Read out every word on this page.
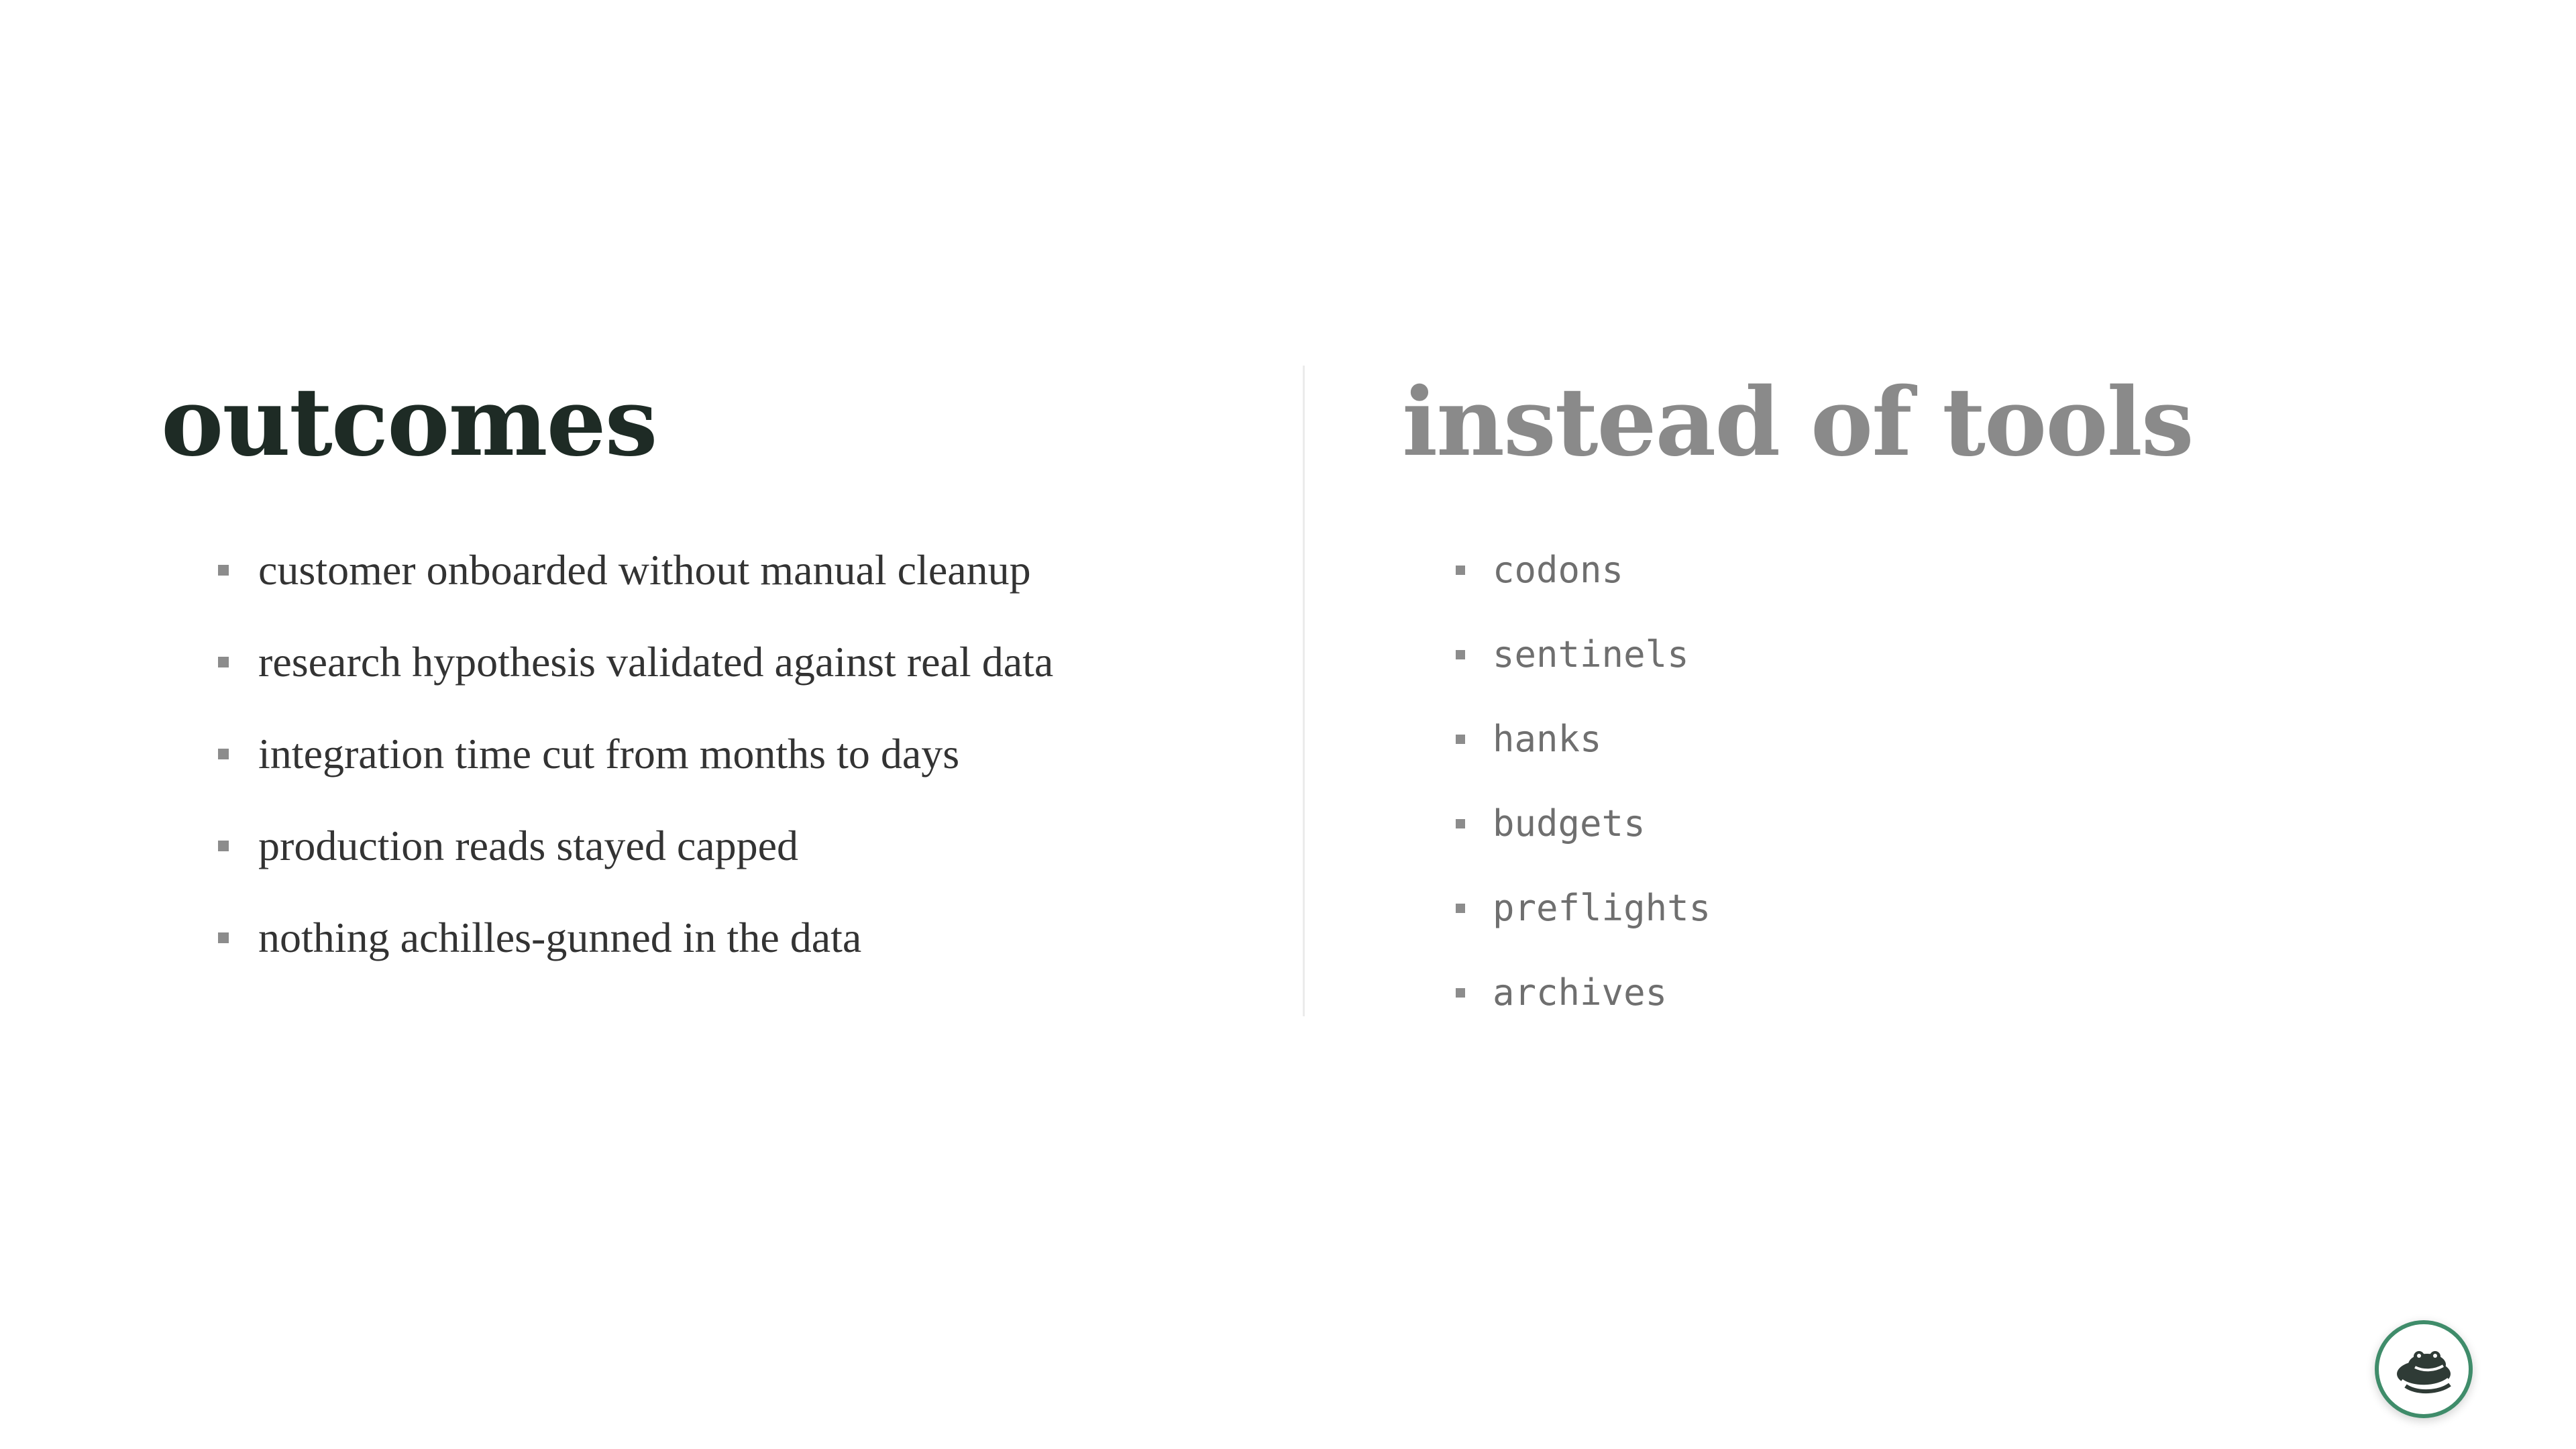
outcomes
customer onboarded without manual cleanup
research hypothesis validated against real data
integration time cut from months to days
production reads stayed capped
nothing achilles-gunned in the data
instead of tools
codons
sentinels
hanks
budgets
preflights
archives
